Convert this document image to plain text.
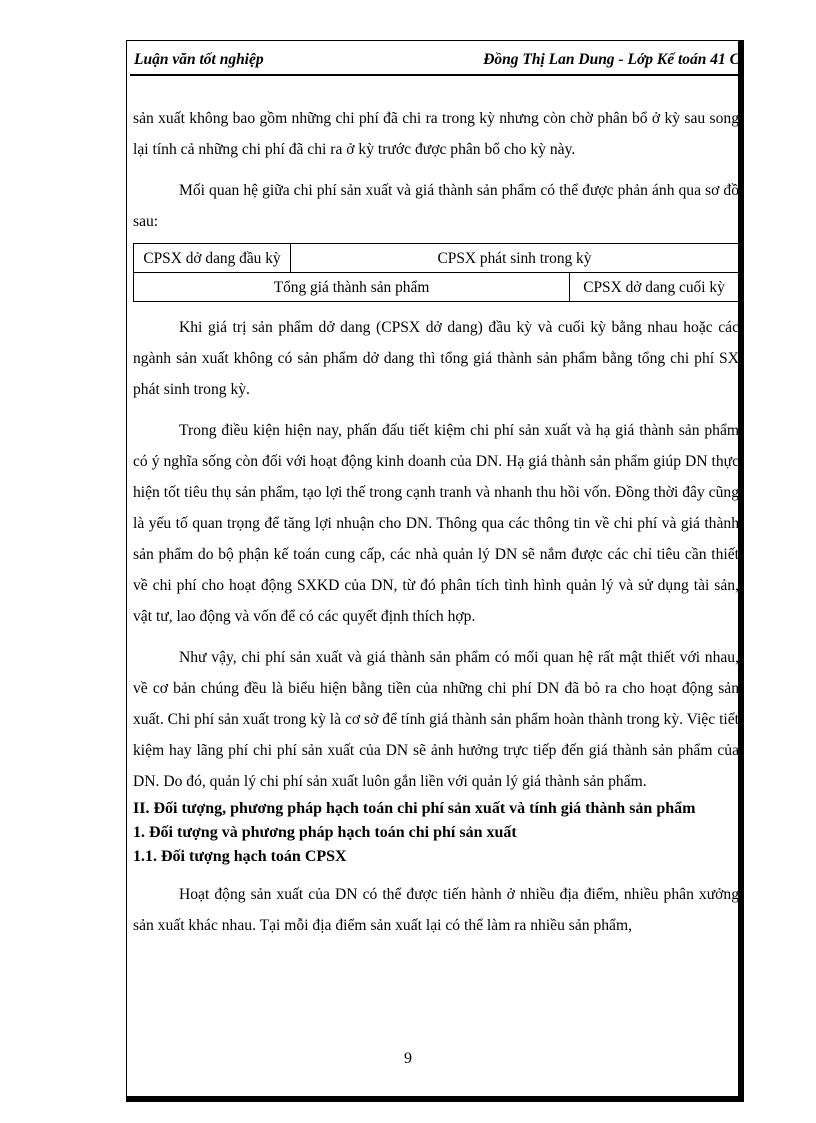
Luận văn tốt nghiệp	Đồng Thị Lan Dung - Lớp Kế toán 41 C

sản xuất không bao gồm những chi phí đã chi ra trong kỳ nhưng còn chờ phân bổ ở kỳ sau song lại tính cả những chi phí đã chi ra ở kỳ trước được phân bổ cho kỳ này.

Mối quan hệ giữa chi phí sản xuất và giá thành sản phẩm có thể được phản ánh qua sơ đồ sau:

CPSX dở dang đầu kỳ	CPSX phát sinh trong kỳ	
Tổng giá thành sản phẩm		CPSX dở dang cuối kỳ

Khi giá trị sản phẩm dở dang (CPSX dở dang) đầu kỳ và cuối kỳ bằng nhau hoặc các ngành sản xuất không có sản phẩm dở dang thì tổng giá thành sản phẩm bằng tổng chi phí SX phát sinh trong kỳ.

Trong điều kiện hiện nay, phấn đấu tiết kiệm chi phí sản xuất và hạ giá thành sản phẩm có ý nghĩa sống còn đối với hoạt động kinh doanh của DN. Hạ giá thành sản phẩm giúp DN thực hiện tốt tiêu thụ sản phẩm, tạo lợi thế trong cạnh tranh và nhanh thu hồi vốn. Đồng thời đây cũng là yếu tố quan trọng để tăng lợi nhuận cho DN. Thông qua các thông tin về chi phí và giá thành sản phẩm do bộ phận kế toán cung cấp, các nhà quản lý DN sẽ nắm được các chỉ tiêu cần thiết về chi phí cho hoạt động SXKD của DN, từ đó phân tích tình hình quản lý và sử dụng tài sản, vật tư, lao động và vốn để có các quyết định thích hợp.

Như vậy, chi phí sản xuất và giá thành sản phẩm có mối quan hệ rất mật thiết với nhau, về cơ bản chúng đều là biểu hiện bằng tiền của những chi phí DN đã bỏ ra cho hoạt động sản xuất. Chi phí sản xuất trong kỳ là cơ sở để tính giá thành sản phẩm hoàn thành trong kỳ. Việc tiết kiệm hay lãng phí chi phí sản xuất của DN sẽ ảnh hưởng trực tiếp đến giá thành sản phẩm của DN. Do đó, quản lý chi phí sản xuất luôn gắn liền với quản lý giá thành sản phẩm.

II. Đối tượng, phương pháp hạch toán chi phí sản xuất và tính giá thành sản phẩm

1. Đối tượng và phương pháp hạch toán chi phí sản xuất

1.1. Đối tượng hạch toán CPSX

Hoạt động sản xuất của DN có thể được tiến hành ở nhiều địa điểm, nhiều phân xưởng sản xuất khác nhau. Tại mỗi địa điểm sản xuất lại có thể làm ra nhiều sản phẩm,

9
